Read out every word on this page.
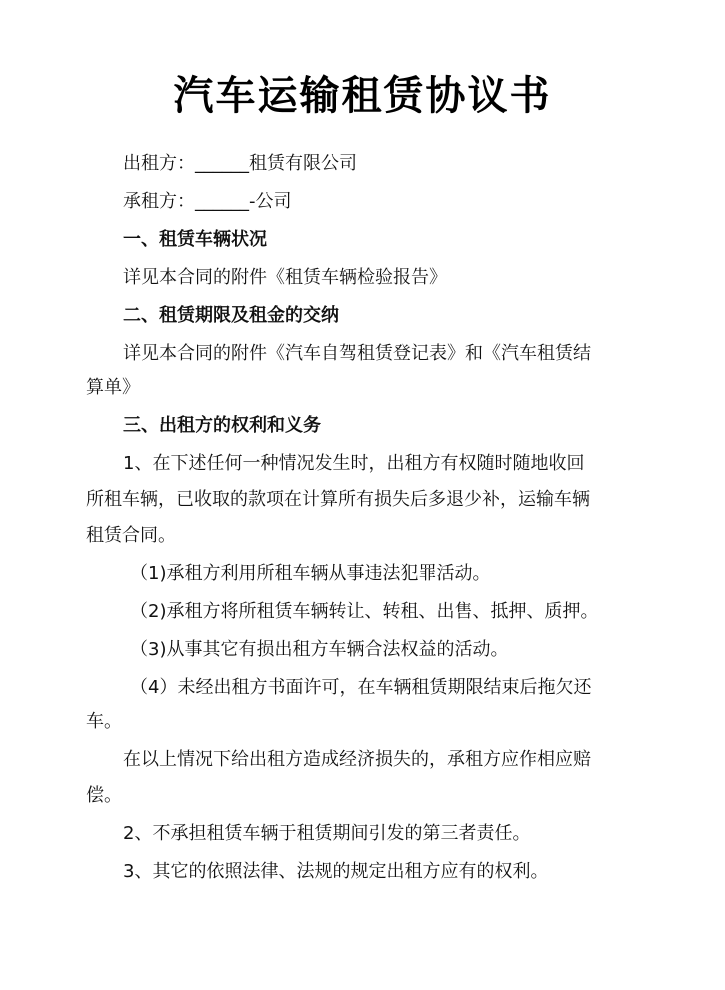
汽车运输租赁协议书
出租方：______租赁有限公司
承租方：______-公司
一、租赁车辆状况
详见本合同的附件《租赁车辆检验报告》
二、租赁期限及租金的交纳
详见本合同的附件《汽车自驾租赁登记表》和《汽车租赁结
算单》
三、出租方的权利和义务
1、在下述任何一种情况发生时，出租方有权随时随地收回
所租车辆，已收取的款项在计算所有损失后多退少补，运输车辆
租赁合同。
（1)承租方利用所租车辆从事违法犯罪活动。
（2)承租方将所租赁车辆转让、转租、出售、抵押、质押。
（3)从事其它有损出租方车辆合法权益的活动。
（4）未经出租方书面许可，在车辆租赁期限结束后拖欠还
车。
在以上情况下给出租方造成经济损失的，承租方应作相应赔
偿。
2、不承担租赁车辆于租赁期间引发的第三者责任。
3、其它的依照法律、法规的规定出租方应有的权利。
